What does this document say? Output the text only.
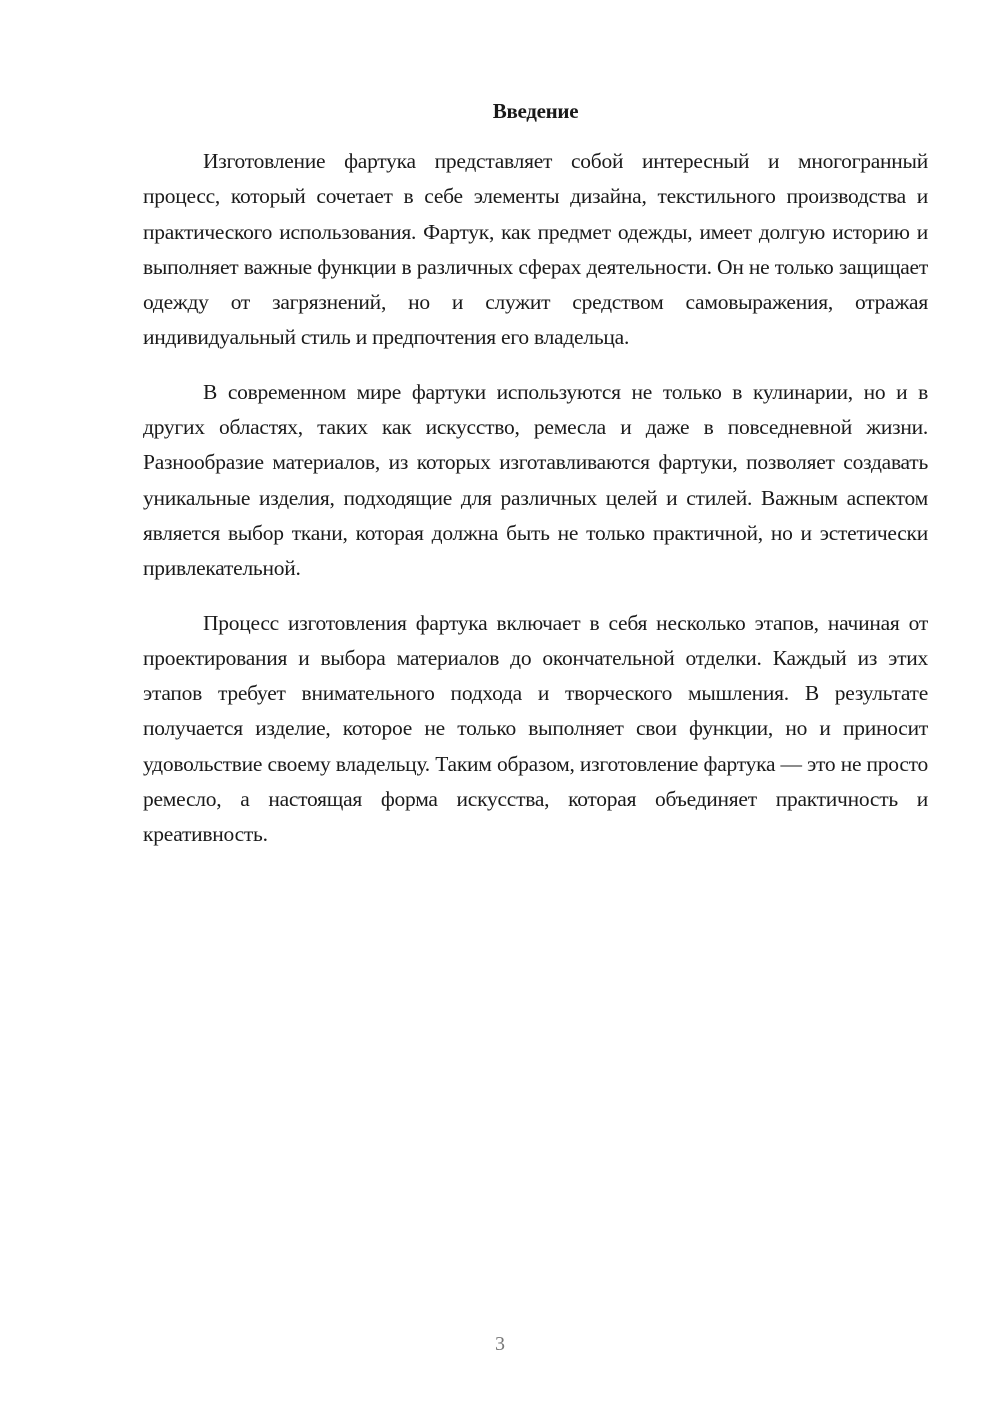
Введение

Изготовление фартука представляет собой интересный и многогранный процесс, который сочетает в себе элементы дизайна, текстильного производства и практического использования. Фартук, как предмет одежды, имеет долгую историю и выполняет важные функции в различных сферах деятельности. Он не только защищает одежду от загрязнений, но и служит средством самовыражения, отражая индивидуальный стиль и предпочтения его владельца.

В современном мире фартуки используются не только в кулинарии, но и в других областях, таких как искусство, ремесла и даже в повседневной жизни. Разнообразие материалов, из которых изготавливаются фартуки, позволяет создавать уникальные изделия, подходящие для различных целей и стилей. Важным аспектом является выбор ткани, которая должна быть не только практичной, но и эстетически привлекательной.

Процесс изготовления фартука включает в себя несколько этапов, начиная от проектирования и выбора материалов до окончательной отделки. Каждый из этих этапов требует внимательного подхода и творческого мышления. В результате получается изделие, которое не только выполняет свои функции, но и приносит удовольствие своему владельцу. Таким образом, изготовление фартука — это не просто ремесло, а настоящая форма искусства, которая объединяет практичность и креативность.

3
